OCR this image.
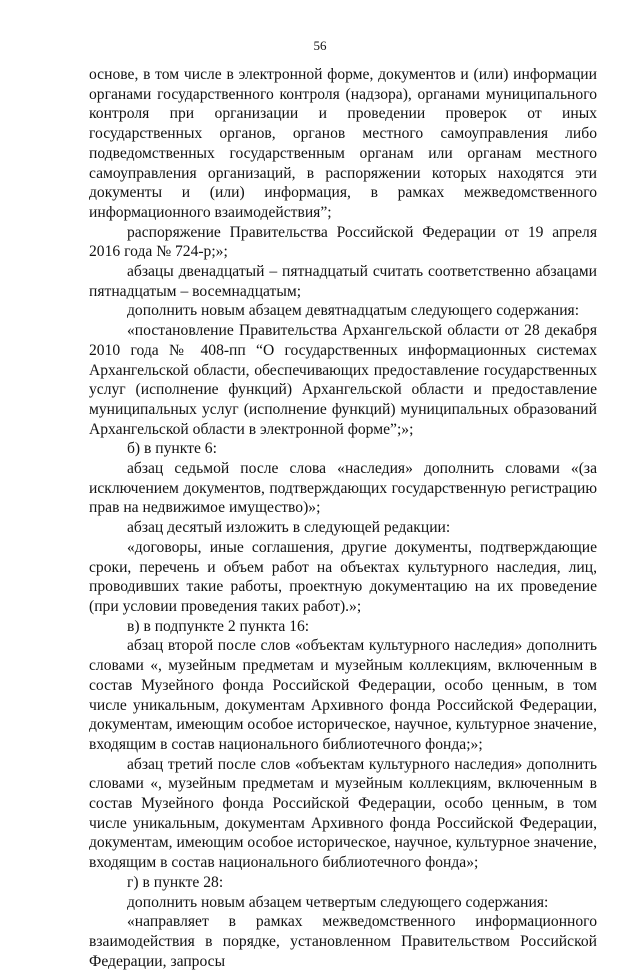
56

основе, в том числе в электронной форме, документов и (или) информации органами государственного контроля (надзора), органами муниципального контроля при организации и проведении проверок от иных государственных органов, органов местного самоуправления либо подведомственных государственным органам или органам местного самоуправления организаций, в распоряжении которых находятся эти документы и (или) информация, в рамках межведомственного информационного взаимодействия”;

распоряжение Правительства Российской Федерации от 19 апреля 2016 года № 724-р;»;

абзацы двенадцатый – пятнадцатый считать соответственно абзацами пятнадцатым – восемнадцатым;

дополнить новым абзацем девятнадцатым следующего содержания:

«постановление Правительства Архангельской области от 28 декабря 2010 года № 408-пп “О государственных информационных системах Архангельской области, обеспечивающих предоставление государственных услуг (исполнение функций) Архангельской области и предоставление муниципальных услуг (исполнение функций) муниципальных образований Архангельской области в электронной форме”;»;

б) в пункте 6:

абзац седьмой после слова «наследия» дополнить словами «(за исключением документов, подтверждающих государственную регистрацию прав на недвижимое имущество)»;

абзац десятый изложить в следующей редакции:

«договоры, иные соглашения, другие документы, подтверждающие сроки, перечень и объем работ на объектах культурного наследия, лиц, проводивших такие работы, проектную документацию на их проведение (при условии проведения таких работ).»;

в) в подпункте 2 пункта 16:

абзац второй после слов «объектам культурного наследия» дополнить словами «, музейным предметам и музейным коллекциям, включенным в состав Музейного фонда Российской Федерации, особо ценным, в том числе уникальным, документам Архивного фонда Российской Федерации, документам, имеющим особое историческое, научное, культурное значение, входящим в состав национального библиотечного фонда;»;

абзац третий после слов «объектам культурного наследия» дополнить словами «, музейным предметам и музейным коллекциям, включенным в состав Музейного фонда Российской Федерации, особо ценным, в том числе уникальным, документам Архивного фонда Российской Федерации, документам, имеющим особое историческое, научное, культурное значение, входящим в состав национального библиотечного фонда»;

г) в пункте 28:

дополнить новым абзацем четвертым следующего содержания:

«направляет в рамках межведомственного информационного взаимодействия в порядке, установленном Правительством Российской Федерации, запросы
